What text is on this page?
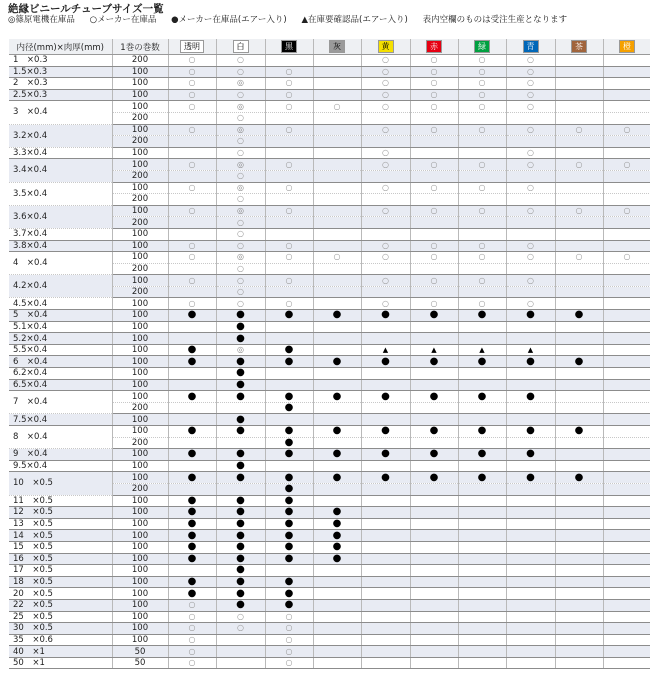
絶縁ビニールチューブサイズ一覧
◎篠原電機在庫品 ○メーカー在庫品 ●メーカー在庫品(エアー入り) ▲在庫要確認品(エアー入り) 表内空欄のものは受注生産となります
内径(mm)×肉厚(mm)	1巻の巻数	透明	白	黒	灰	黄	赤	緑	青	茶	橙
1　×0.3	200	○	○			○	○	○	○		
1.5×0.3	100	○	○	○		○	○	○	○		
2　×0.3	100	○	◎	○		○	○	○	○		
2.5×0.3	100	○	○	○		○	○	○	○		
3　×0.4	100	○	◎	○	○	○	○	○	○		
	200		○								
3.2×0.4	100	○	◎	○		○	○	○	○	○	○
	200		○								
3.3×0.4	100		○			○			○		
3.4×0.4	100	○	◎	○		○	○	○	○	○	○
	200		○								
3.5×0.4	100	○	◎	○		○	○	○	○		
	200		○								
3.6×0.4	100	○	◎	○		○	○	○	○	○	○
	200		○								
3.7×0.4	100		○								
3.8×0.4	100	○	○	○		○	○	○	○		
4　×0.4	100	○	◎	○	○	○	○	○	○	○	○
	200		○								
4.2×0.4	100	○	○	○		○	○	○	○		
	200		○								
4.5×0.4	100	○	○	○		○	○	○	○		
5　×0.4	100	●	●	●	●	●	●	●	●	●	
5.1×0.4	100		●								
5.2×0.4	100		●								
5.5×0.4	100	●	◎	●		▲	▲	▲	▲		
6　×0.4	100	●	●	●	●	●	●	●	●	●	
6.2×0.4	100		●								
6.5×0.4	100		●								
7　×0.4	100	●	●	●	●	●	●	●	●		
	200			●							
7.5×0.4	100		●								
8　×0.4	100	●	●	●	●	●	●	●	●	●	
	200			●							
9　×0.4	100	●	●	●	●	●	●	●	●		
9.5×0.4	100		●								
10　×0.5	100	●	●	●	●	●	●	●	●	●	
	200			●							
11　×0.5	100	●	●	●							
12　×0.5	100	●	●	●	●						
13　×0.5	100	●	●	●	●						
14　×0.5	100	●	●	●	●						
15　×0.5	100	●	●	●	●						
16　×0.5	100	●	●	●	●						
17　×0.5	100		●								
18　×0.5	100	●	●	●							
20　×0.5	100	●	●	●							
22　×0.5	100	○	●	●							
25　×0.5	100	○	○	○							
30　×0.5	100	○	○	○							
35　×0.6	100	○		○							
40　×1	50	○		○							
50　×1	50	○		○							
